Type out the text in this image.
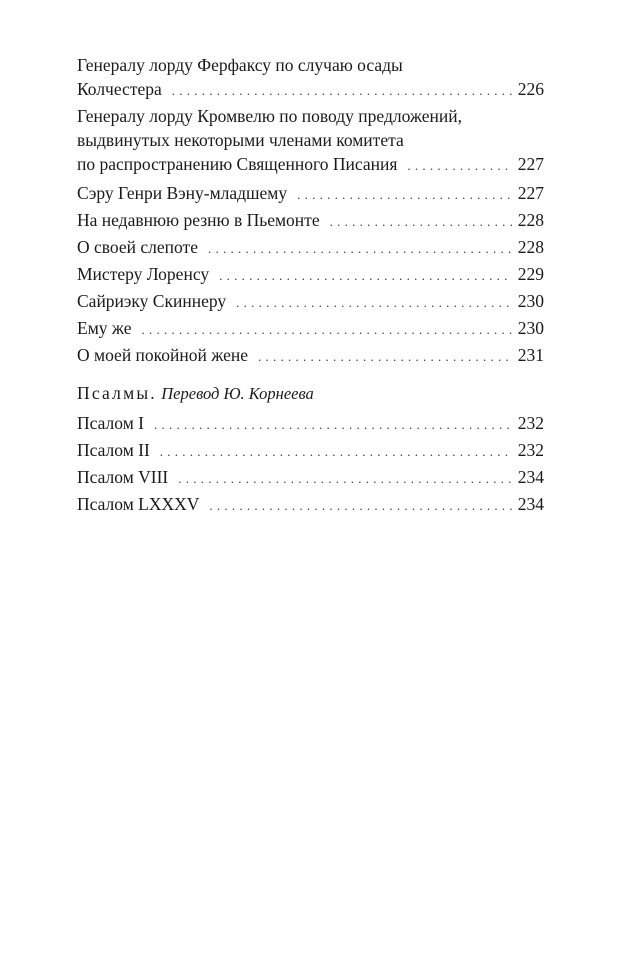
Генералу лорду Ферфаксу по случаю осады
Колчестера . . .	226
Генералу лорду Кромвелю по поводу предложений,
выдвинутых некоторыми членами комитета
по распространению Священного Писания . . .	227
Сэру Генри Вэну-младшему . . .	227
На недавнюю резню в Пьемонте . . .	228
О своей слепоте . . .	228
Мистеру Лоренсу . . .	229
Сайриэку Скиннеру . . .	230
Ему же . . .	230
О моей покойной жене . . .	231
Псалмы. Перевод Ю. Корнеева
Псалом I . . .	232
Псалом II . . .	232
Псалом VIII . . .	234
Псалом LXXXV . . .	234
